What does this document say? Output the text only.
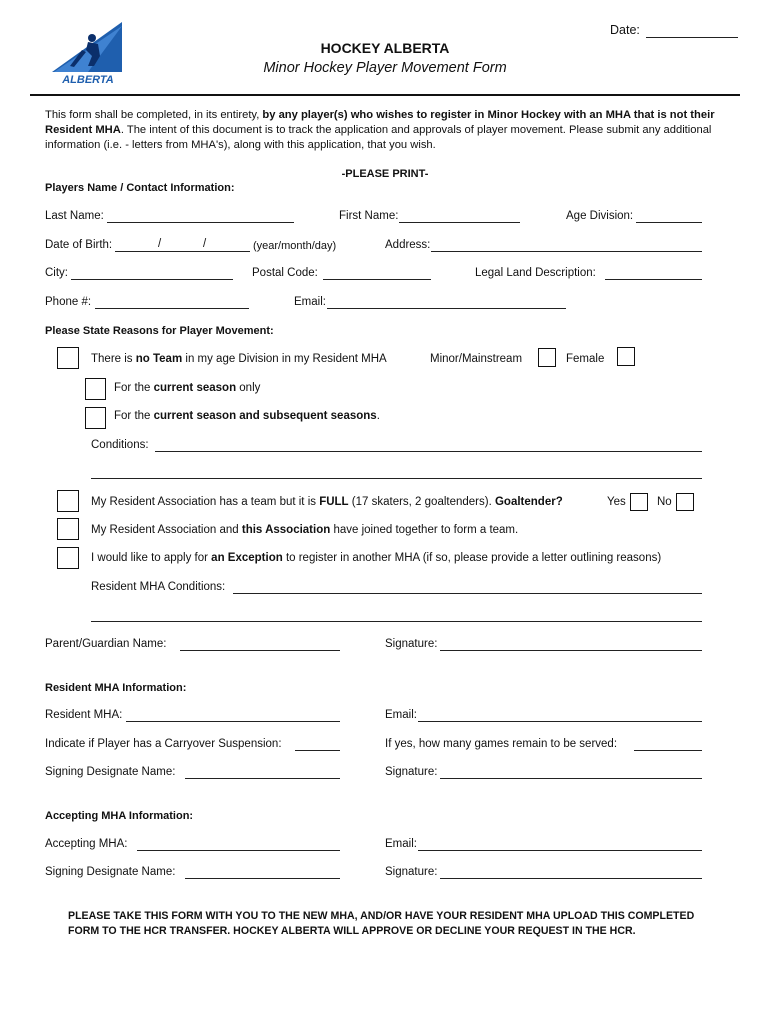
ALBERTA
Date:
HOCKEY ALBERTA
Minor Hockey Player Movement Form
This form shall be completed, in its entirety, by any player(s) who wishes to register in Minor Hockey with an MHA that is not their Resident MHA. The intent of this document is to track the application and approvals of player movement. Please submit any additional information (i.e. - letters from MHA's), along with this application, that you wish.
-PLEASE PRINT-
Players Name / Contact Information:
Last Name:	First Name:	Age Division:
Date of Birth:	/	/	(year/month/day)	Address:
City:	Postal Code:	Legal Land Description:
Phone #:	Email:
Please State Reasons for Player Movement:
There is no Team in my age Division in my Resident MHA	Minor/Mainstream	Female
For the current season only
For the current season and subsequent seasons.
Conditions:
My Resident Association has a team but it is FULL (17 skaters, 2 goaltenders). Goaltender?	Yes	No
My Resident Association and this Association have joined together to form a team.
I would like to apply for an Exception to register in another MHA (if so, please provide a letter outlining reasons)
Resident MHA Conditions:
Parent/Guardian Name:	Signature:
Resident MHA Information:
Resident MHA:	Email:
Indicate if Player has a Carryover Suspension:	If yes, how many games remain to be served:
Signing Designate Name:	Signature:
Accepting MHA Information:
Accepting MHA:	Email:
Signing Designate Name:	Signature:
PLEASE TAKE THIS FORM WITH YOU TO THE NEW MHA, AND/OR HAVE YOUR RESIDENT MHA UPLOAD THIS COMPLETED FORM TO THE HCR TRANSFER. HOCKEY ALBERTA WILL APPROVE OR DECLINE YOUR REQUEST IN THE HCR.
